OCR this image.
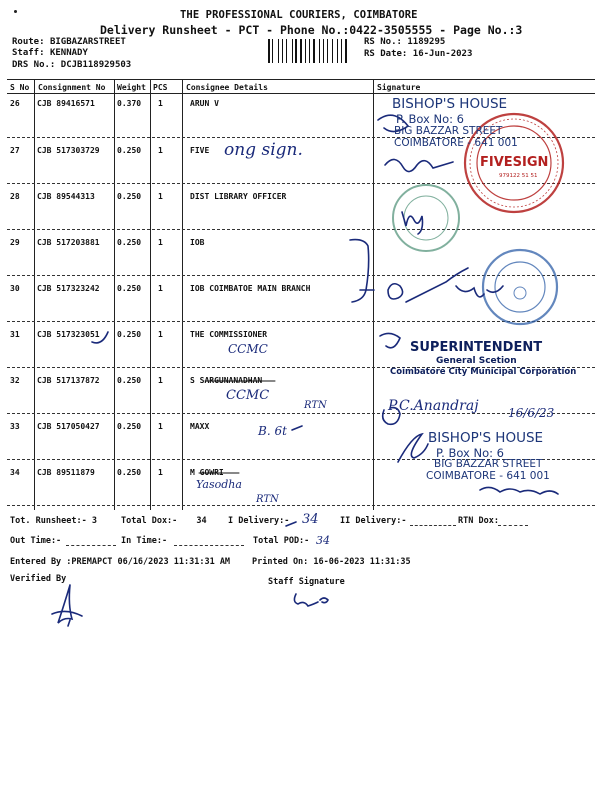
THE PROFESSIONAL COURIERS, COIMBATORE
Delivery Runsheet - PCT - Phone No.:0422-3505555 - Page No.:3
Route: BIGBAZARSTREET
Staff: KENNADY
DRS No.: DCJB118929503
RS No.: 1189295
RS Date: 16-Jun-2023
S No Consignment No Weight PCS Consignee Details	Signature
26 CJB 89416571	0.370 1	ARUN V
27 CJB 517303729 0.250 1	FIVE
28 CJB 89544313	0.250 1	DIST LIBRARY OFFICER
29 CJB 517203881 0.250 1	IOB
30 CJB 517323242 0.250 1	IOB COIMBATOE MAIN BRANCH
31 CJB 517323051 0.250 1	THE COMMISSIONER
32 CJB 517137872 0.250 1	S SARGUNANADHAN
33 CJB 517050427 0.250 1	MAXX
34 CJB 89511879	0.250 1	M GOWRI
Tot. Runsheet:- 3	Total Dox:- 34	I Delivery:-	II Delivery:-	RTN Dox:
Out Time:-	In Time:-	Total POD:-
Entered By :PREMAPCT 06/16/2023 11:31:31 AM	Printed On: 16-06-2023 11:31:35
Verified By	Staff Signature
BISHOP'S HOUSE
P. Box No: 6
BIG BAZZAR STREET
COIMBATORE - 641 001
FIVESIGN
979122 51 51
SUPERINTENDENT
General Scetion
Coimbatore City Municipal Corporation
BISHOP'S HOUSE
P. Box No: 6
BIG BAZZAR STREET
COIMBATORE - 641 001
ong sign.
CCMC
CCMC
RTN
B. 6t
P.C.Anandraj 16/6/23
Yasodha
RTN
34
34
